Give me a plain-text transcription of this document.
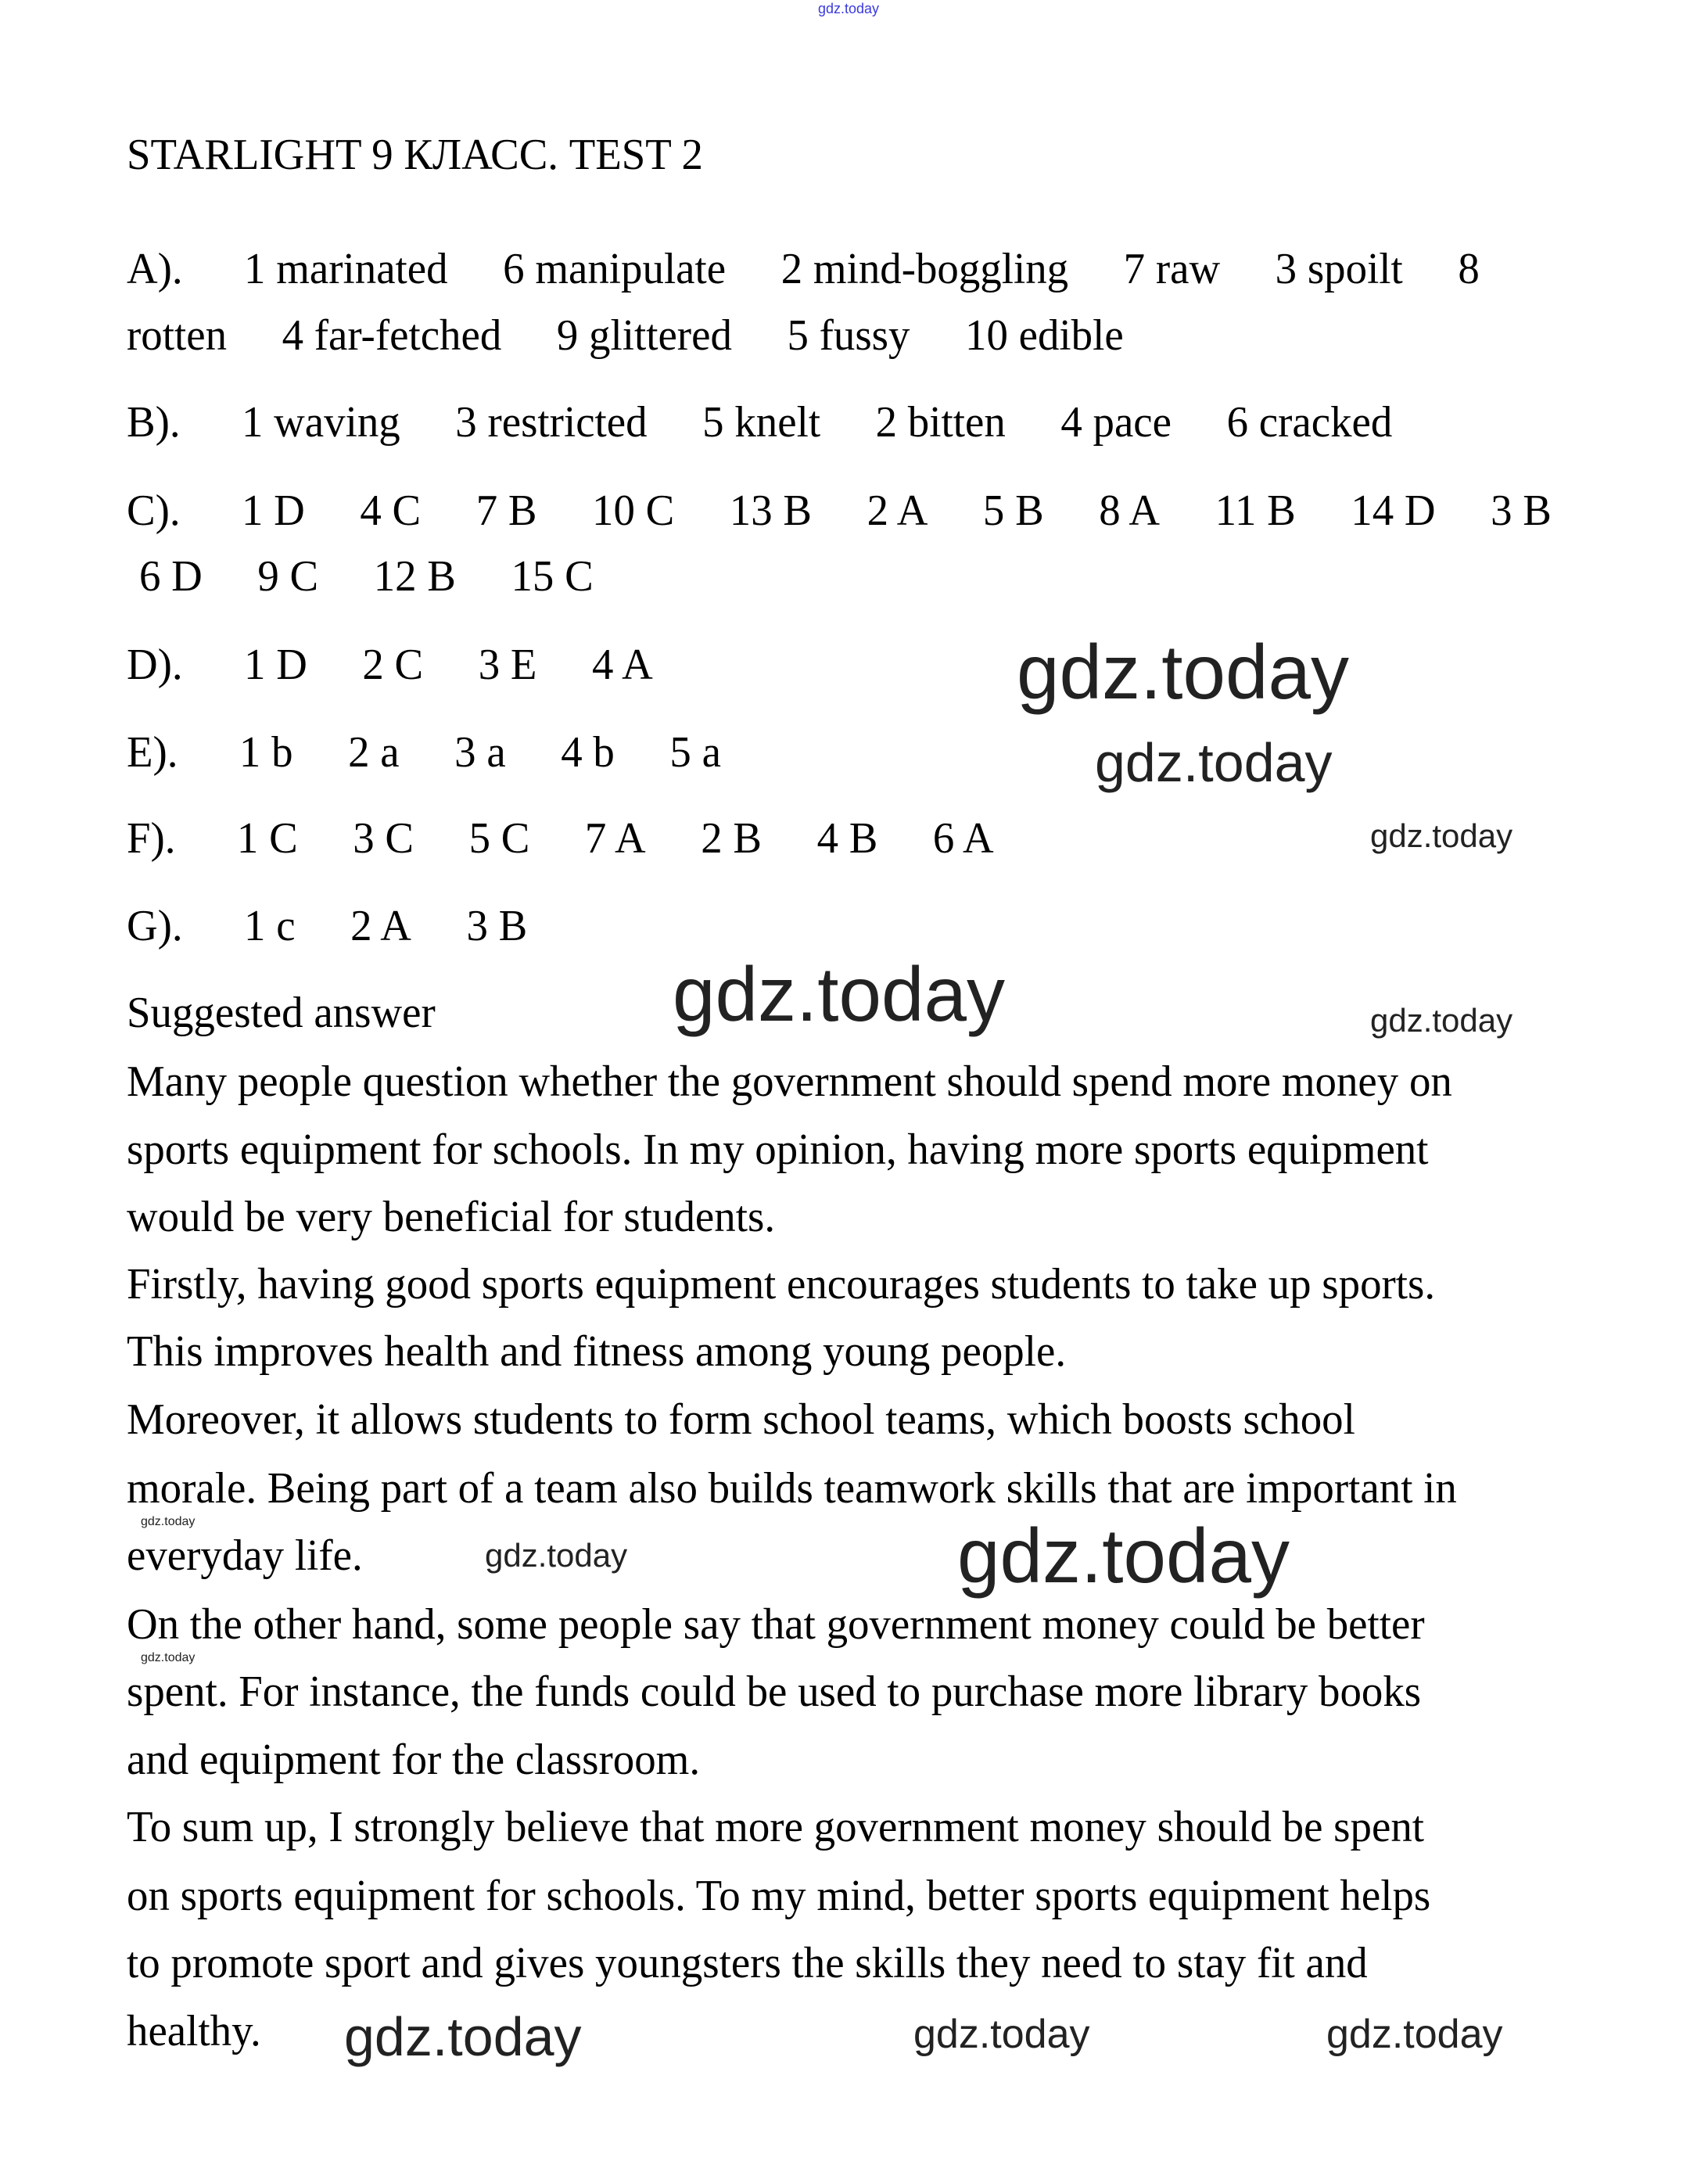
gdz.today
STARLIGHT 9 КЛАСС. TEST 2
A). 1 marinated 6 manipulate 2 mind-boggling 7 raw 3 spoilt 8
rotten 4 far-fetched 9 glittered 5 fussy 10 edible
B). 1 waving 3 restricted 5 knelt 2 bitten 4 pace 6 cracked
C). 1 D 4 C 7 B 10 C 13 B 2 A 5 B 8 A 11 B 14 D 3 B
6 D 9 C 12 B 15 C
D). 1 D 2 C 3 E 4 A
E). 1 b 2 a 3 a 4 b 5 a
F). 1 C 3 C 5 C 7 A 2 B 4 B 6 A
G). 1 c 2 A 3 B
Suggested answer
Many people question whether the government should spend more money on
sports equipment for schools. In my opinion, having more sports equipment
would be very beneficial for students.
Firstly, having good sports equipment encourages students to take up sports.
This improves health and fitness among young people.
Moreover, it allows students to form school teams, which boosts school
morale. Being part of a team also builds teamwork skills that are important in
everyday life.
On the other hand, some people say that government money could be better
spent. For instance, the funds could be used to purchase more library books
and equipment for the classroom.
To sum up, I strongly believe that more government money should be spent
on sports equipment for schools. To my mind, better sports equipment helps
to promote sport and gives youngsters the skills they need to stay fit and
healthy.
gdz.today
gdz.today
gdz.today
gdz.today	gdz.today
gdz.today
gdz.today	gdz.today
gdz.today
gdz.today	gdz.today	gdz.today
